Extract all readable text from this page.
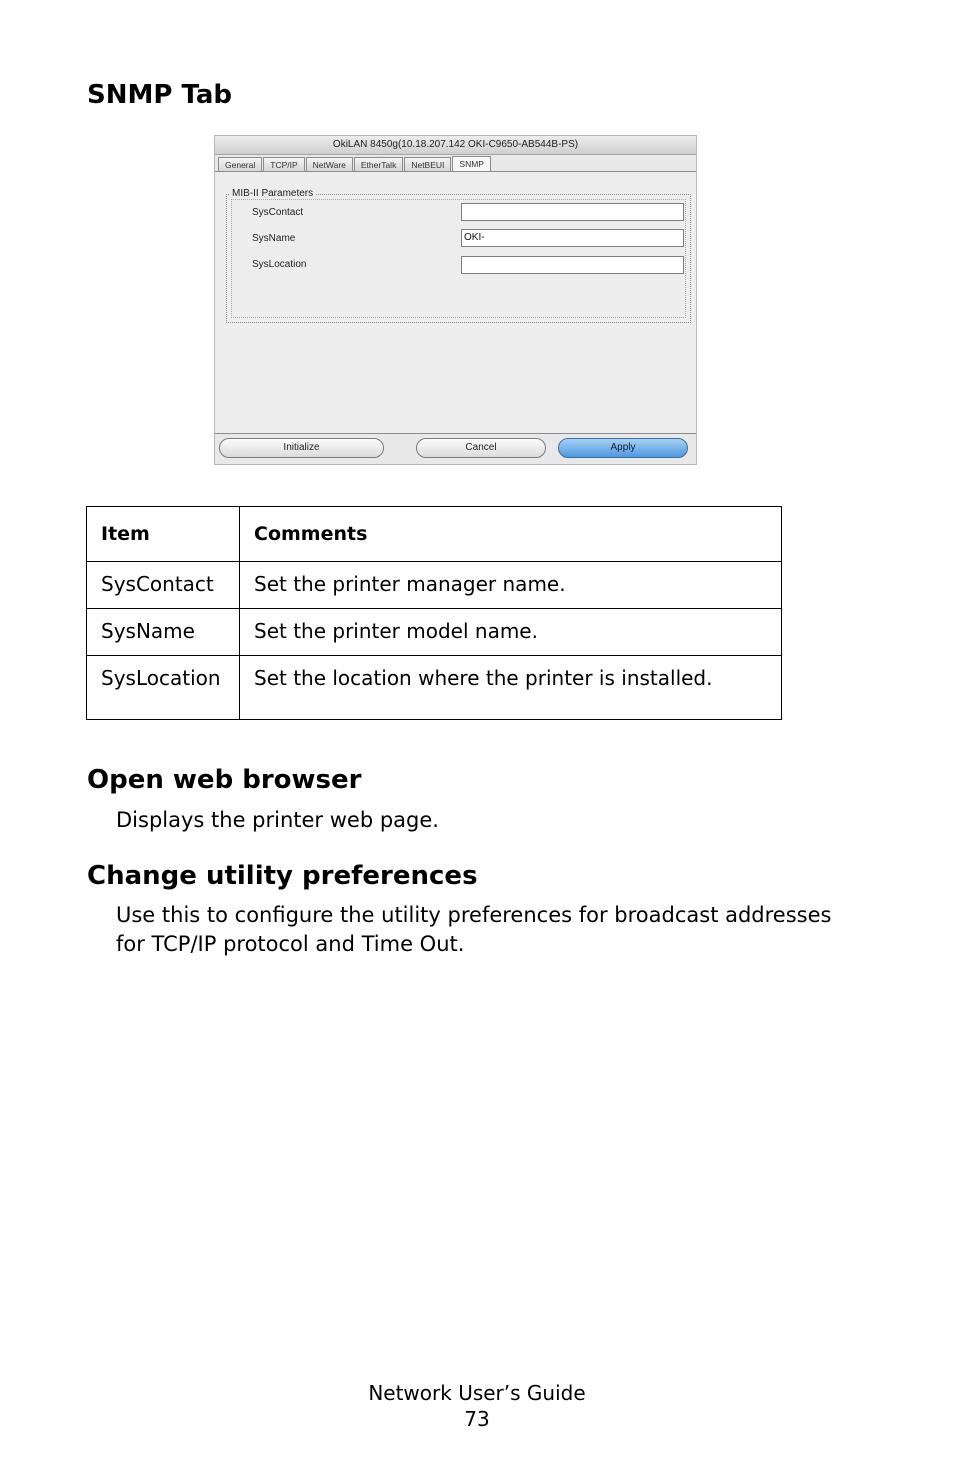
SNMP Tab
OkiLAN 8450g(10.18.207.142 OKI-C9650-AB544B-PS)
General	TCP/IP	NetWare	EtherTalk	NetBEUI	SNMP
MIB-II Parameters
SysContact
SysName	OKI-
SysLocation
Initialize	Cancel	Apply
Item	Comments
SysContact	Set the printer manager name.
SysName	Set the printer model name.
SysLocation	Set the location where the printer is installed.
Open web browser
Displays the printer web page.
Change utility preferences
Use this to configure the utility preferences for broadcast addresses for TCP/IP protocol and Time Out.
Network User’s Guide
73
